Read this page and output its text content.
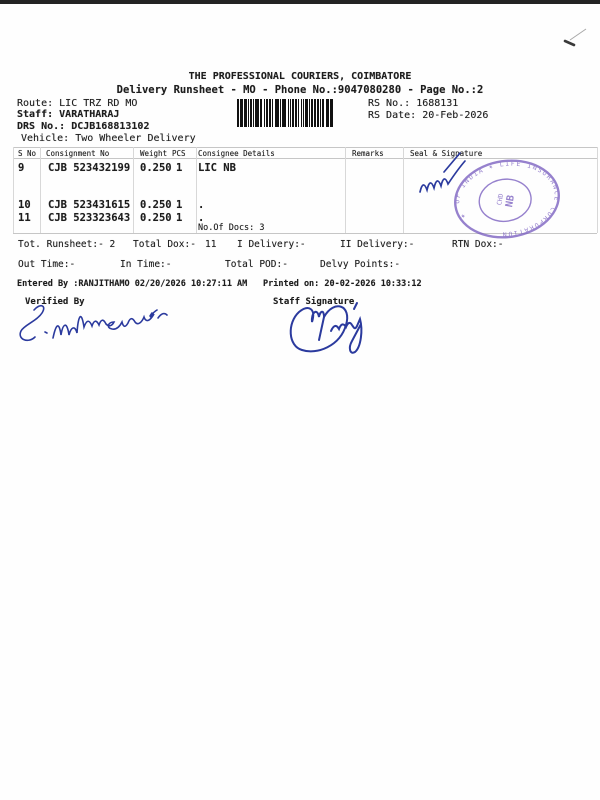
THE PROFESSIONAL COURIERS, COIMBATORE
Delivery Runsheet - MO - Phone No.:9047080280 - Page No.:2
Route: LIC TRZ RD MO
Staff: VARATHARAJ
DRS No.: DCJB168813102
Vehicle: Two Wheeler Delivery
RS No.: 1688131
RS Date: 20-Feb-2026
S No Consignment No	Weight PCS Consignee Details	Remarks	Seal & Signature
9 CJB 523432199 0.250 1 LIC NB
10 CJB 523431615 0.250 1 .
11 CJB 523323643 0.250 1 .
No.Of Docs: 3
Tot. Runsheet:- 2 Total Dox:- 11 I Delivery:-	II Delivery:-	RTN Dox:-
Out Time:-	In Time:-	Total POD:-	Delvy Points:-
Entered By :RANJITHAMO 02/20/2026 10:27:11 AM Printed on: 20-02-2026 10:33:12
Verified By	Staff Signature
OF INDIA ✶ LIFE INSURANCE CORPORATION
CHD
NB
✶
